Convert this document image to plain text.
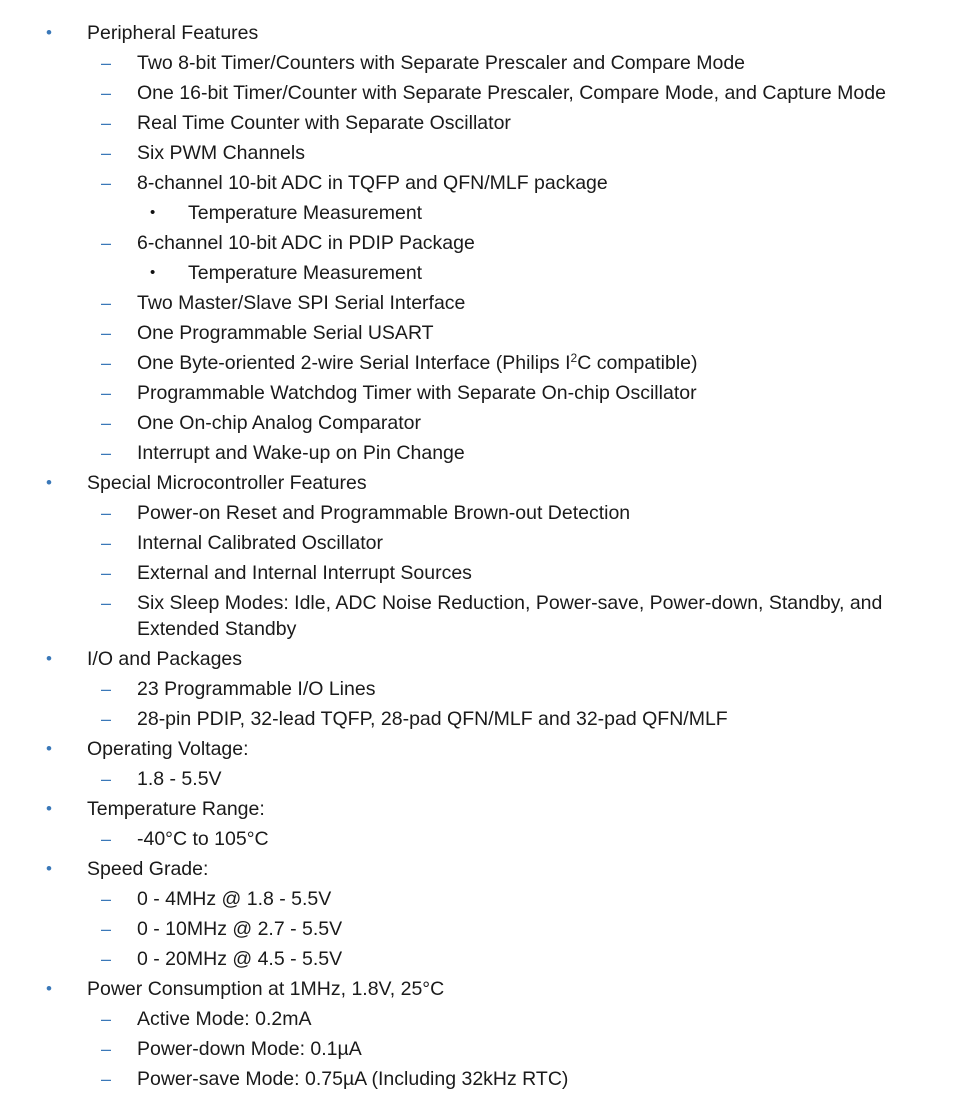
• Peripheral Features
– Two 8-bit Timer/Counters with Separate Prescaler and Compare Mode
– One 16-bit Timer/Counter with Separate Prescaler, Compare Mode, and Capture Mode
– Real Time Counter with Separate Oscillator
– Six PWM Channels
– 8-channel 10-bit ADC in TQFP and QFN/MLF package
• Temperature Measurement
– 6-channel 10-bit ADC in PDIP Package
• Temperature Measurement
– Two Master/Slave SPI Serial Interface
– One Programmable Serial USART
– One Byte-oriented 2-wire Serial Interface (Philips $I^2C$ compatible)
– Programmable Watchdog Timer with Separate On-chip Oscillator
– One On-chip Analog Comparator
– Interrupt and Wake-up on Pin Change
• Special Microcontroller Features
– Power-on Reset and Programmable Brown-out Detection
– Internal Calibrated Oscillator
– External and Internal Interrupt Sources
– Six Sleep Modes: Idle, ADC Noise Reduction, Power-save, Power-down, Standby, and Extended Standby
• I/O and Packages
– 23 Programmable I/O Lines
– 28-pin PDIP, 32-lead TQFP, 28-pad QFN/MLF and 32-pad QFN/MLF
• Operating Voltage:
– 1.8 - 5.5V
• Temperature Range:
– -40°C to 105°C
• Speed Grade:
– 0 - 4MHz @ 1.8 - 5.5V
– 0 - 10MHz @ 2.7 - 5.5V
– 0 - 20MHz @ 4.5 - 5.5V
• Power Consumption at 1MHz, 1.8V, 25°C
– Active Mode: 0.2mA
– Power-down Mode: 0.1µA
– Power-save Mode: 0.75µA (Including 32kHz RTC)
